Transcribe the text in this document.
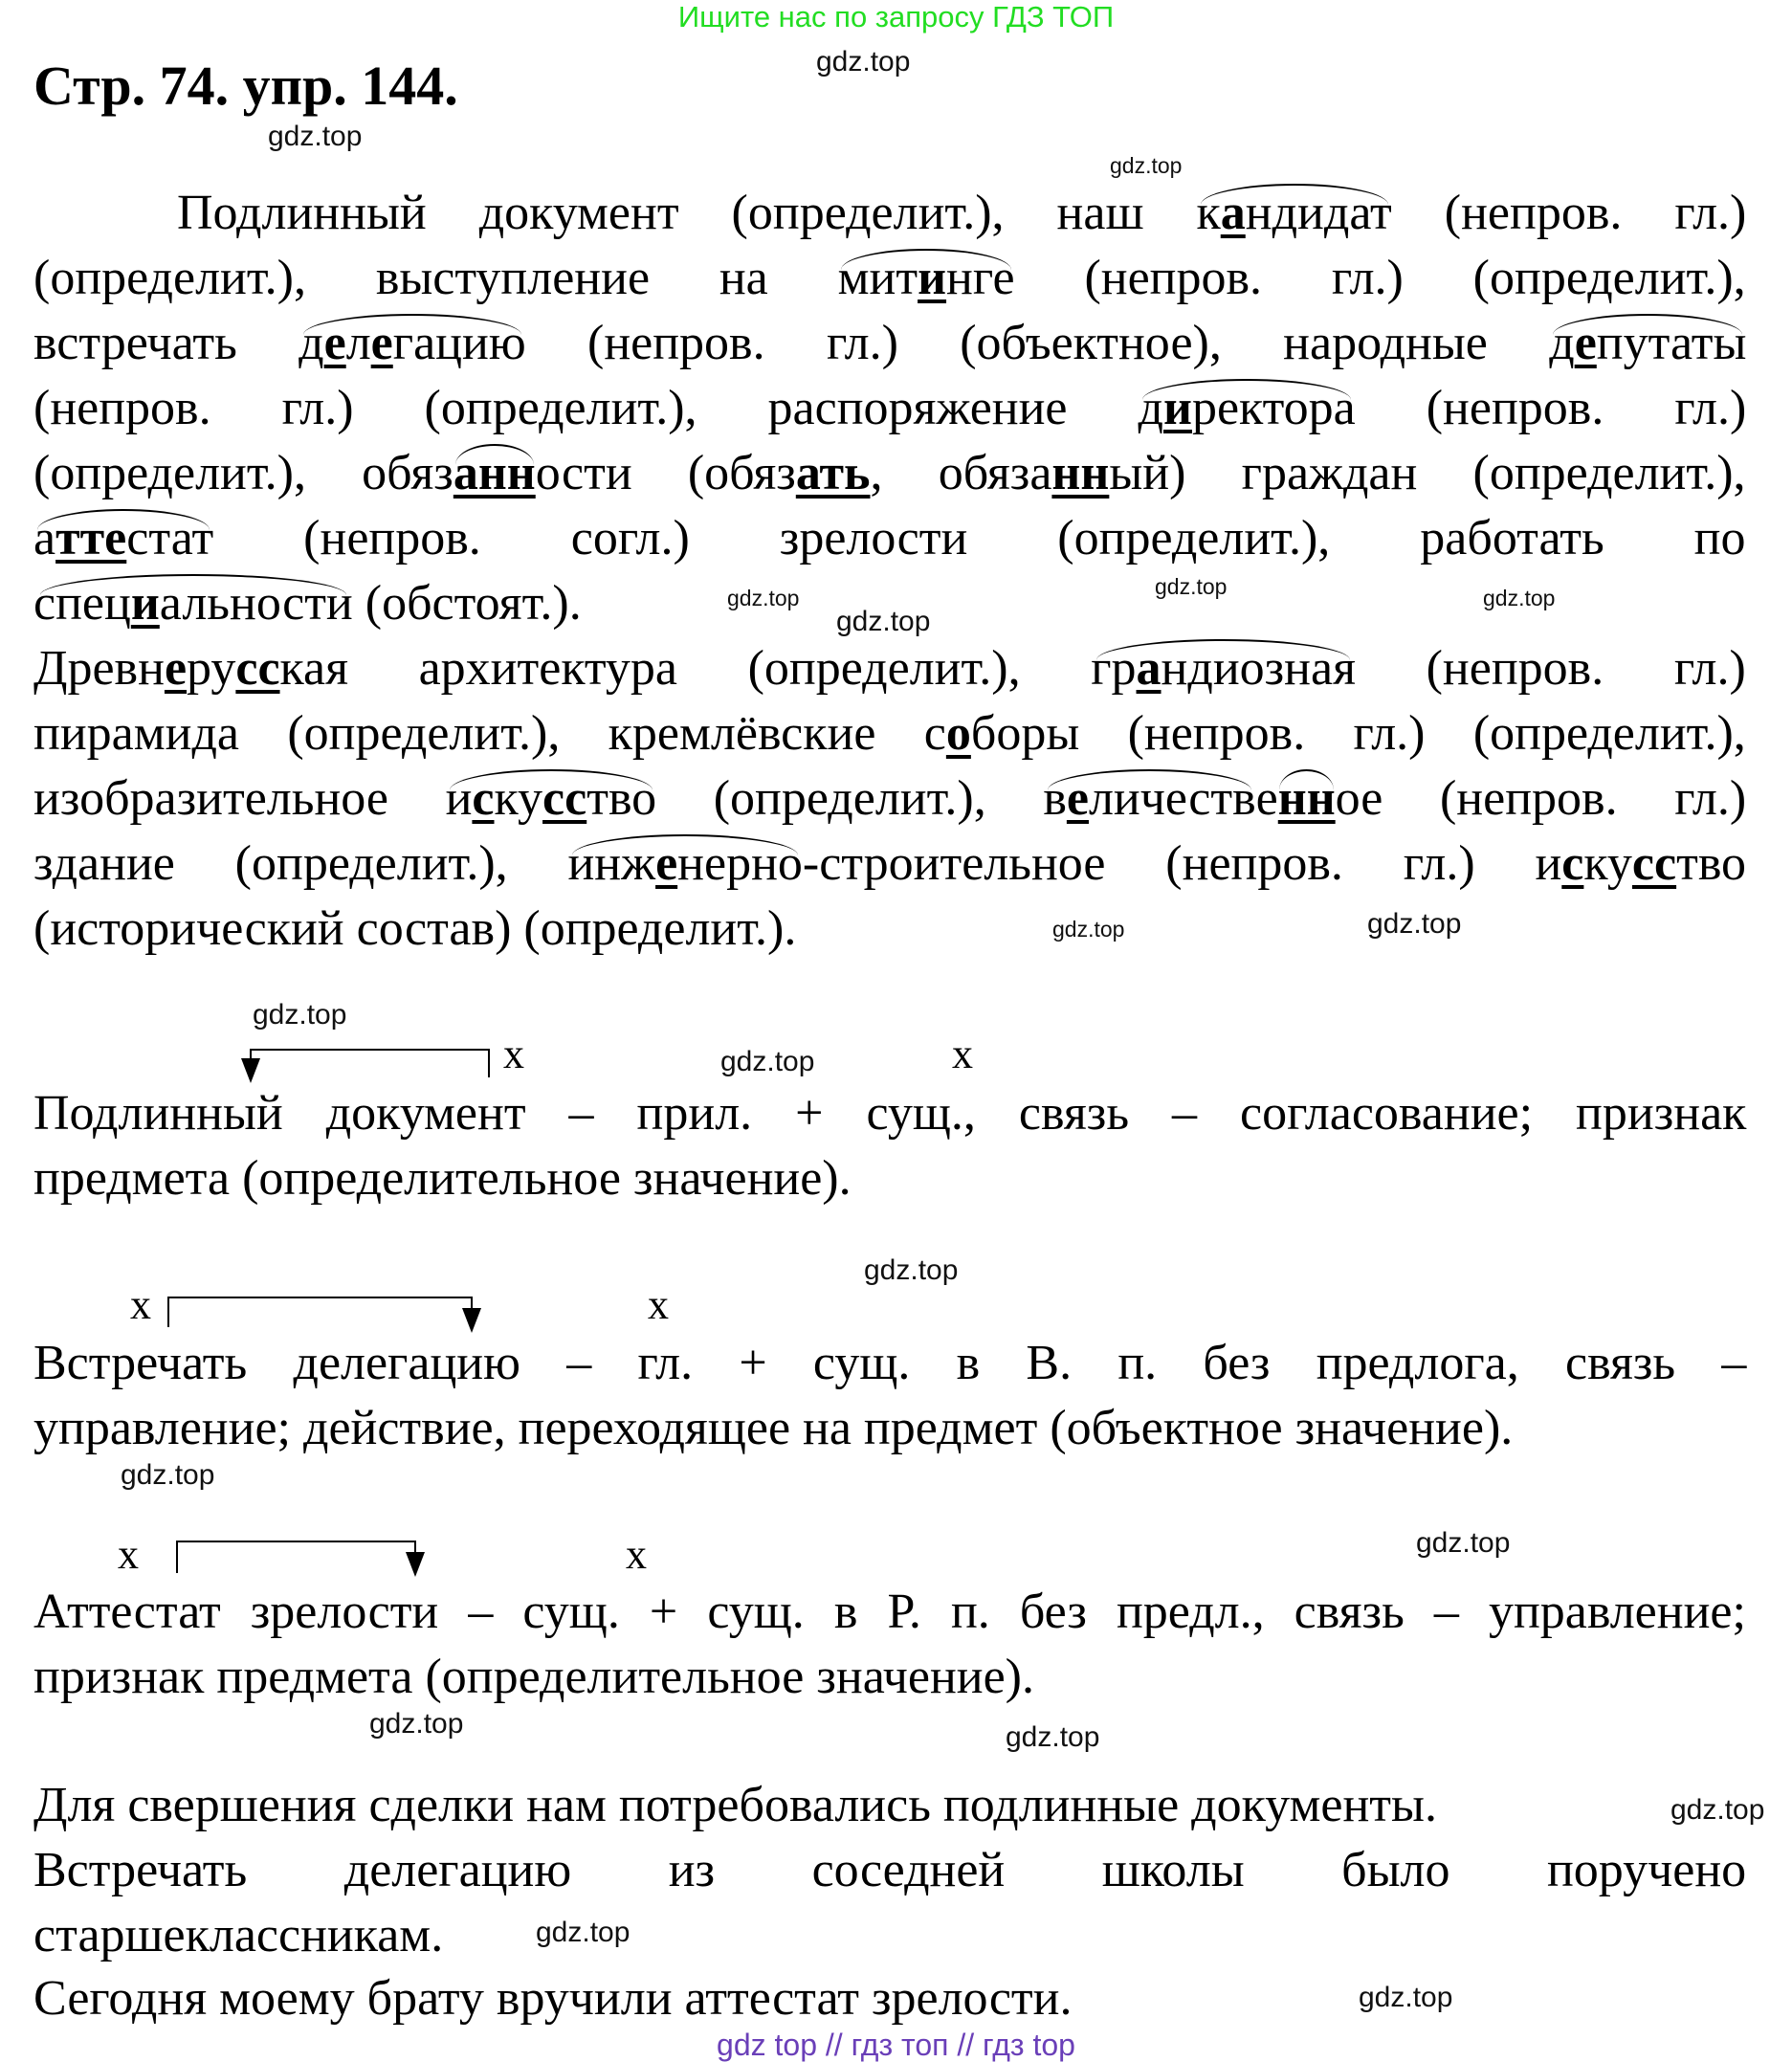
Ищите нас по запросу ГДЗ ТОП
Стр. 74. упр. 144.
Подлинный документ (определит.), наш кандидат (непров. гл.)
(определит.), выступление на митинге (непров. гл.) (определит.),
встречать делегацию (непров. гл.) (объектное), народные депутаты
(непров. гл.) (определит.), распоряжение директора (непров. гл.)
(определит.), обязанности (обязать, обязанный) граждан (определит.),
аттестат (непров. согл.) зрелости (определит.), работать по
специальности (обстоят.).
Древнерусская архитектура (определит.), грандиозная (непров. гл.)
пирамида (определит.), кремлёвские соборы (непров. гл.) (определит.),
изобразительное искусство (определит.), величественное (непров. гл.)
здание (определит.), инженерно-строительное (непров. гл.) искусство
(исторический состав) (определит.).
x	x
Подлинный документ – прил. + сущ., связь – согласование; признак
предмета (определительное значение).
x	x
Встречать делегацию – гл. + сущ. в В. п. без предлога, связь –
управление; действие, переходящее на предмет (объектное значение).
x	x
Аттестат зрелости – сущ. + сущ. в Р. п. без предл., связь – управление;
признак предмета (определительное значение).
Для свершения сделки нам потребовались подлинные документы.
Встречать делегацию из соседней школы было поручено
старшеклассникам.
Сегодня моему брату вручили аттестат зрелости.
gdz.top
gdz.top
gdz.top
gdz.top
gdz.top
gdz.top
gdz.top
gdz.top
gdz.top
gdz.top
gdz.top
gdz.top
gdz.top
gdz.top
gdz.top	gdz.top
gdz.top
gdz.top
gdz.top
gdz top // гдз топ // гдз top
